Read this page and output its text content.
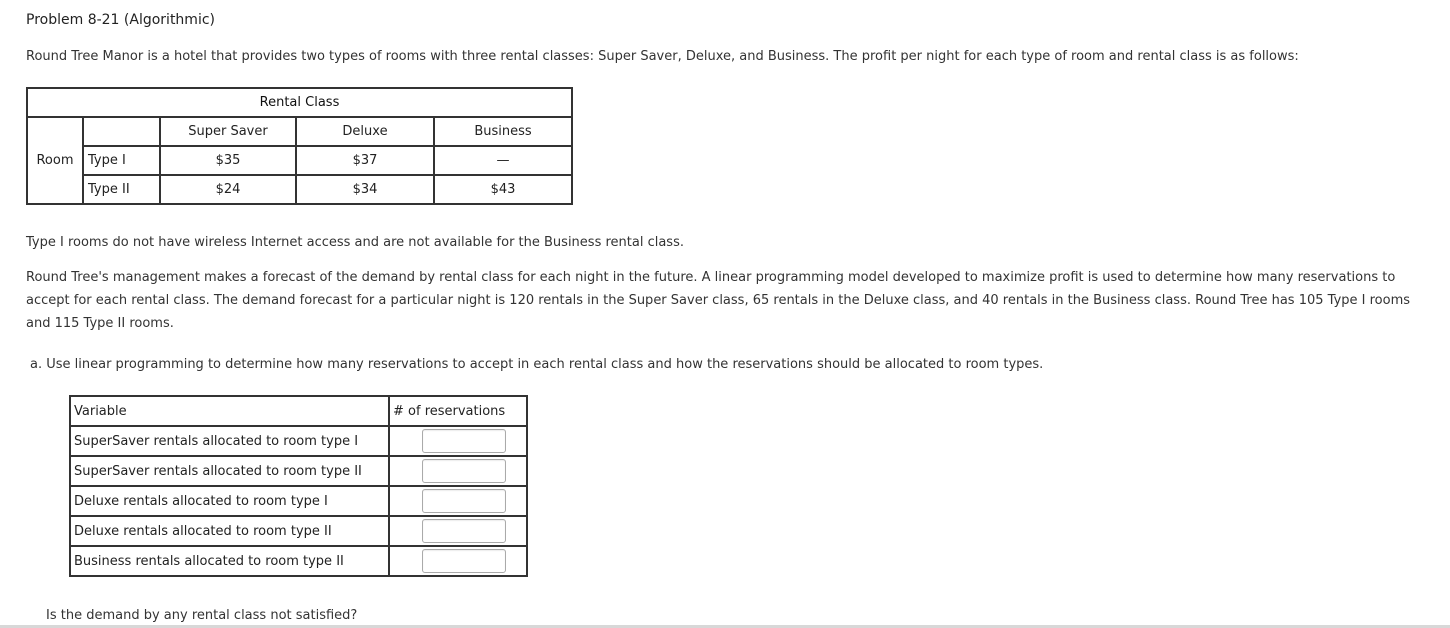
Problem 8-21 (Algorithmic)
Round Tree Manor is a hotel that provides two types of rooms with three rental classes: Super Saver, Deluxe, and Business. The profit per night for each type of room and rental class is as follows:
Rental Class				
Room		Super Saver	Deluxe	Business
	Type I	$35	$37	—
	Type II	$24	$34	$43
Type I rooms do not have wireless Internet access and are not available for the Business rental class.
Round Tree's management makes a forecast of the demand by rental class for each night in the future. A linear programming model developed to maximize profit is used to determine how many reservations to accept for each rental class. The demand forecast for a particular night is 120 rentals in the Super Saver class, 65 rentals in the Deluxe class, and 40 rentals in the Business class. Round Tree has 105 Type I rooms and 115 Type II rooms.
a. Use linear programming to determine how many reservations to accept in each rental class and how the reservations should be allocated to room types.
Variable	# of reservations
SuperSaver rentals allocated to room type I	
SuperSaver rentals allocated to room type II	
Deluxe rentals allocated to room type I	
Deluxe rentals allocated to room type II	
Business rentals allocated to room type II	
Is the demand by any rental class not satisfied?
